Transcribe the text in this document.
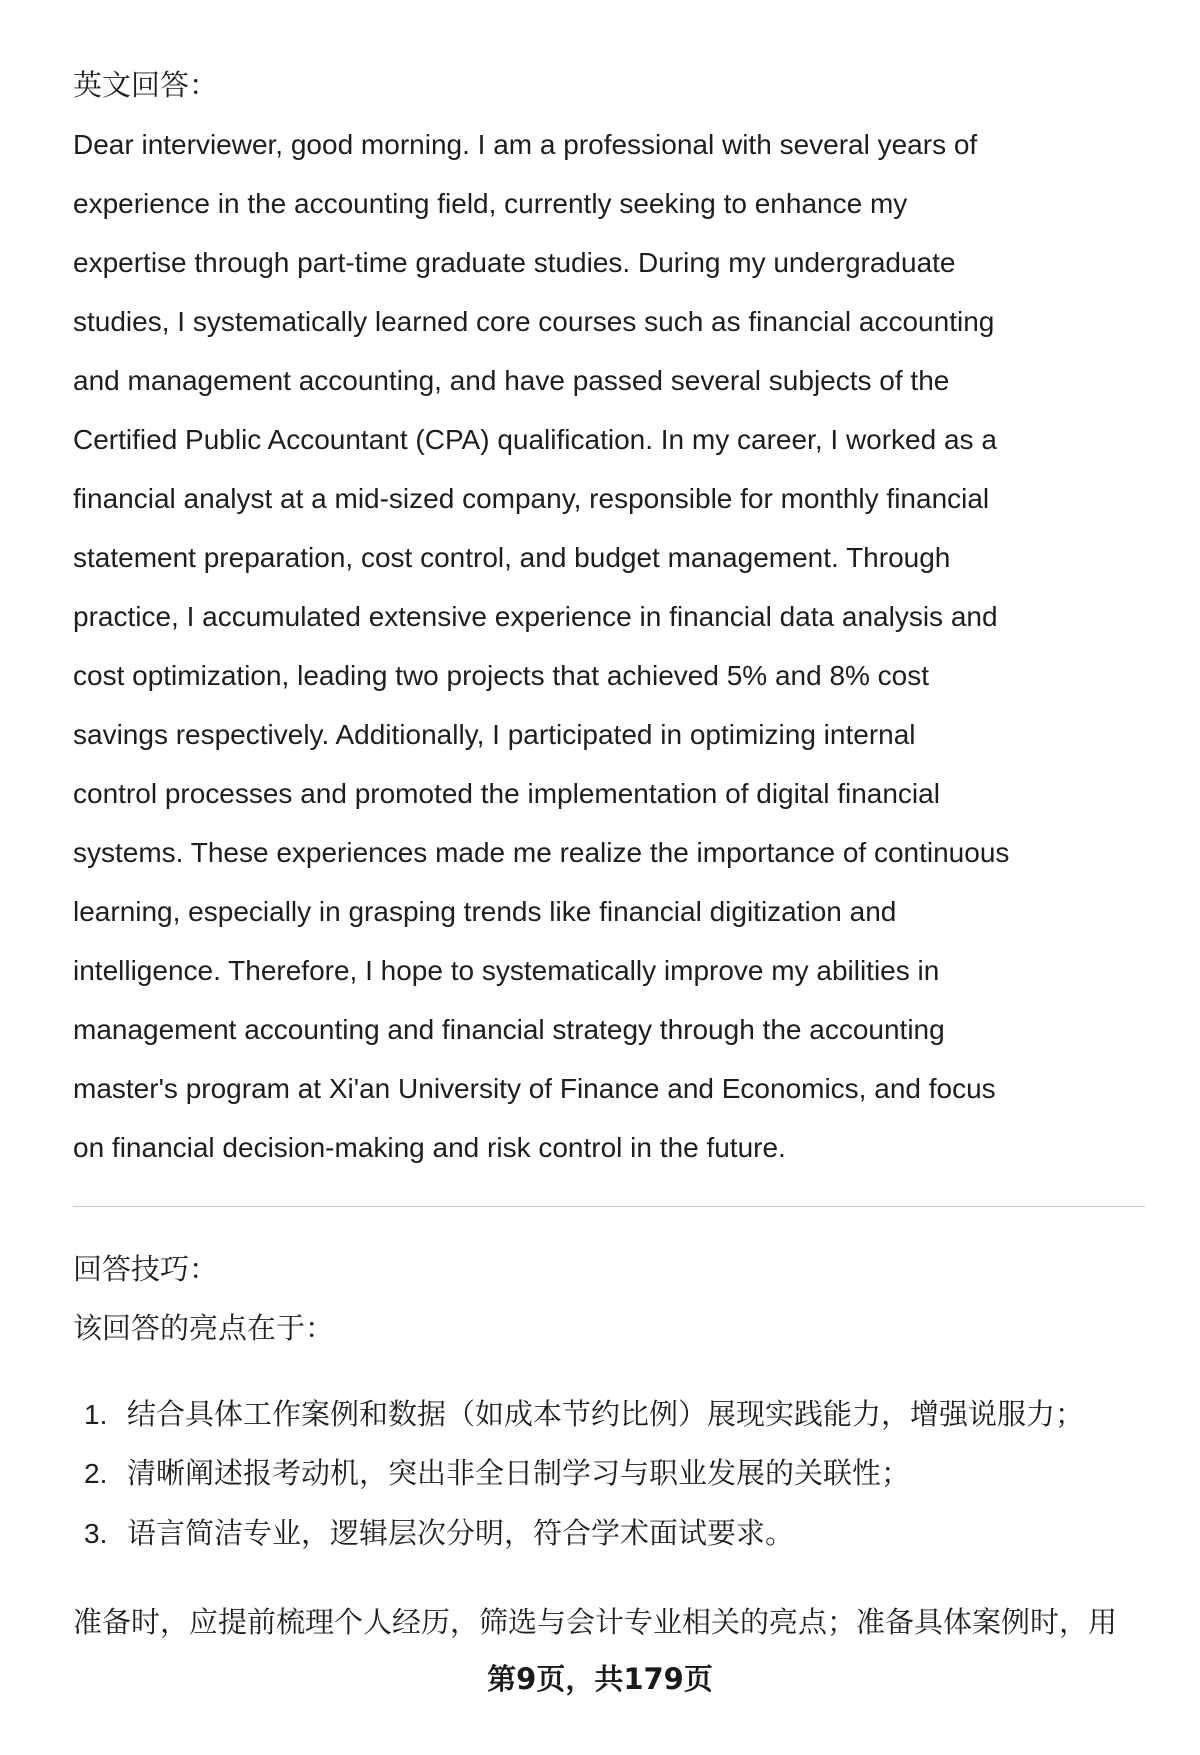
英文回答：
Dear interviewer, good morning. I am a professional with several years of
experience in the accounting field, currently seeking to enhance my
expertise through part-time graduate studies. During my undergraduate
studies, I systematically learned core courses such as financial accounting
and management accounting, and have passed several subjects of the
Certified Public Accountant (CPA) qualification. In my career, I worked as a
financial analyst at a mid-sized company, responsible for monthly financial
statement preparation, cost control, and budget management. Through
practice, I accumulated extensive experience in financial data analysis and
cost optimization, leading two projects that achieved 5% and 8% cost
savings respectively. Additionally, I participated in optimizing internal
control processes and promoted the implementation of digital financial
systems. These experiences made me realize the importance of continuous
learning, especially in grasping trends like financial digitization and
intelligence. Therefore, I hope to systematically improve my abilities in
management accounting and financial strategy through the accounting
master's program at Xi'an University of Finance and Economics, and focus
on financial decision-making and risk control in the future.
回答技巧：
该回答的亮点在于：
1. 结合具体工作案例和数据（如成本节约比例）展现实践能力，增强说服力；
2. 清晰阐述报考动机，突出非全日制学习与职业发展的关联性；
3. 语言简洁专业，逻辑层次分明，符合学术面试要求。
准备时，应提前梳理个人经历，筛选与会计专业相关的亮点；准备具体案例时，用
第9页，共179页
